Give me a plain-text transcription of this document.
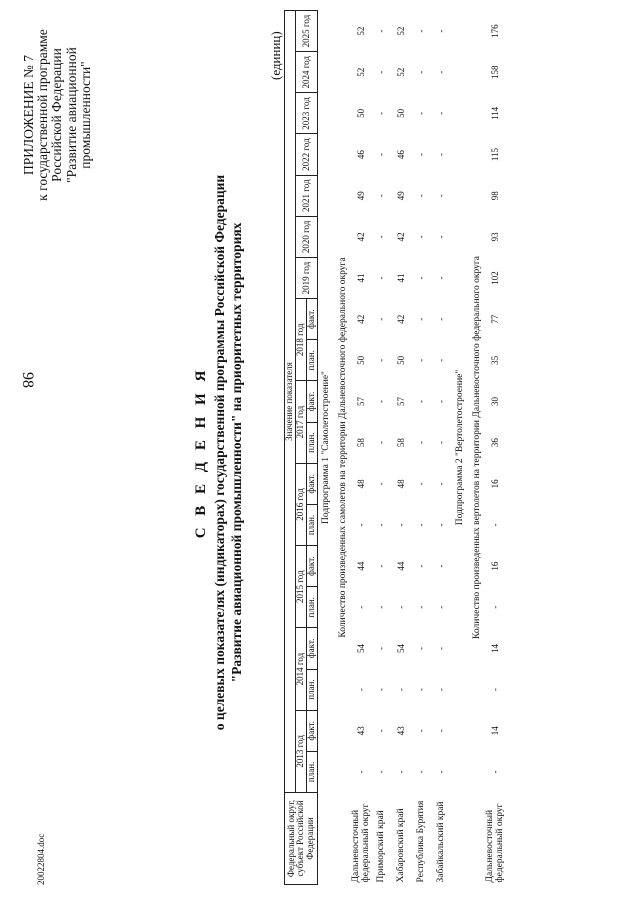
98
20022804.doc
ПРИЛОЖЕНИЕ № 7 к государственной программе Российской Федерации "Развитие авиационной промышленности"
С В Е Д Е Н И Я о целевых показателях (индикаторах) государственной программы Российской Федерации "Развитие авиационной промышленности" на приоритетных территориях
(единиц)
Федеральный округ, субъект Российской Федерации	Значение показателя																		
	2013 год		2014 год		2015 год		2016 год		2017 год		2018 год		2019 год	2020 год	2021 год	2022 год	2023 год	2024 год	2025 год
	план.	факт.	план.	факт.	план.	факт.	план.	факт.	план.	факт.	план.	факт.							
Подпрограмма 1 "Самолетостроение"																			
Количество произведенных самолетов на территории Дальневосточного федерального округа																			
Дальневосточный федеральный округ	-	43	-	54	-	44	-	48	58	57	50	42	41	42	49	46	50	52	52
Приморский край	-	-	-	-	-	-	-	-	-	-	-	-	-	-	-	-	-	-	-
Хабаровский край	-	43	-	54	-	44	-	48	58	57	50	42	41	42	49	46	50	52	52
Республика Бурятия	-	-	-	-	-	-	-	-	-	-	-	-	-	-	-	-	-	-	-
Забайкальский край	-	-	-	-	-	-	-	-	-	-	-	-	-	-	-	-	-	-	-
Подпрограмма 2 "Вертолетостроение"																			
Количество произведенных вертолетов на территории Дальневосточного федерального округа																			
Дальневосточный федеральный округ	-	14	-	14	-	16	-	16	36	30	35	77	102	93	98	115	114	158	176
